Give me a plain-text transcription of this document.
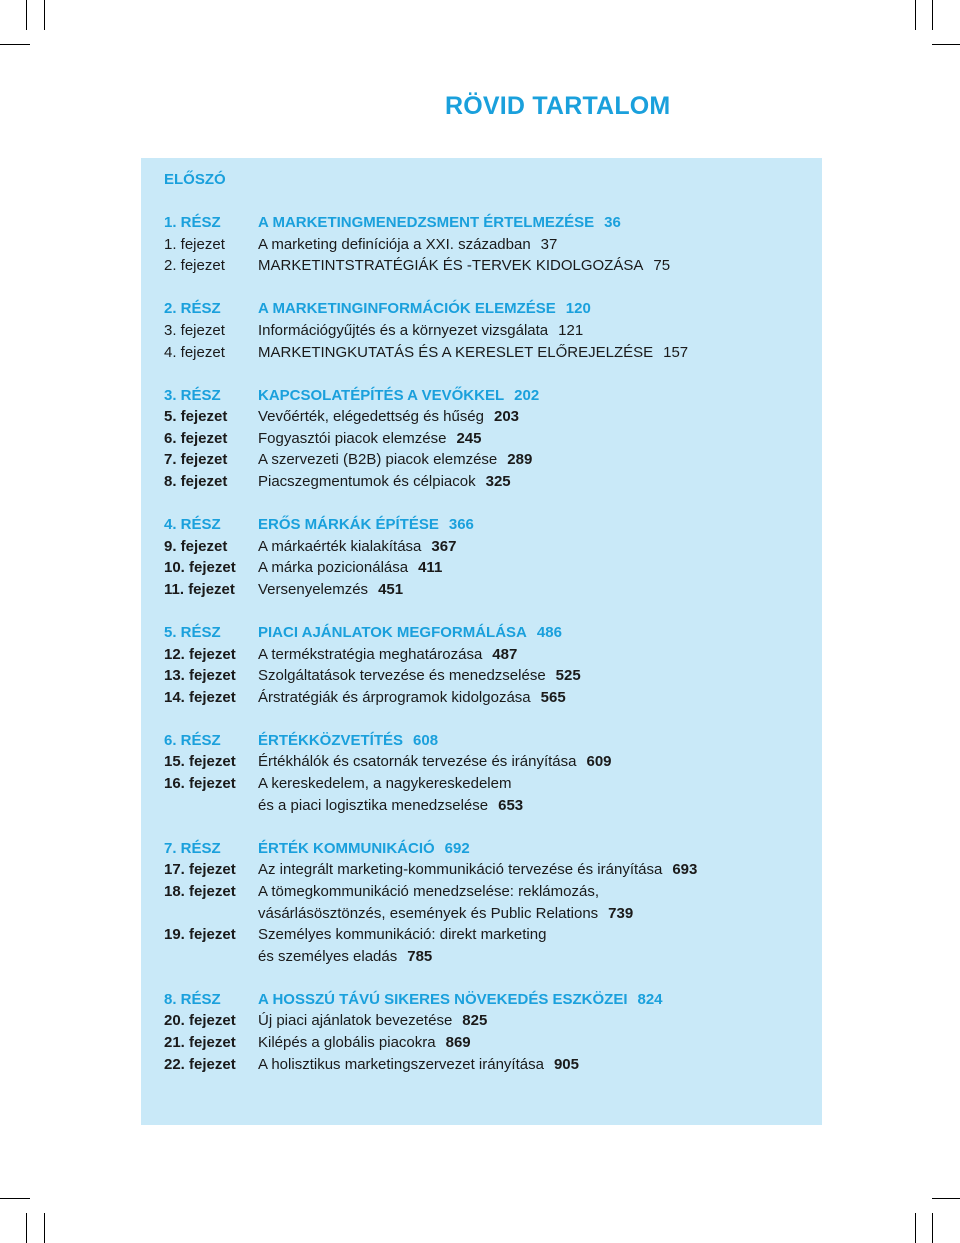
RÖVID TARTALOM
ELŐSZÓ
1. RÉSZ	A MARKETINGMENEDZSMENT ÉRTELMEZÉSE 36
1. fejezet	A marketing definíciója a XXI. században 37
2. fejezet	MARKETINTSTRATÉGIÁK ÉS -TERVEK KIDOLGOZÁSA 75
2. RÉSZ	A MARKETINGINFORMÁCIÓK ELEMZÉSE 120
3. fejezet	Információgyűjtés és a környezet vizsgálata 121
4. fejezet	MARKETINGKUTATÁS ÉS A KERESLET ELŐREJELZÉSE 157
3. RÉSZ	KAPCSOLATÉPÍTÉS A VEVŐKKEL 202
5. fejezet	Vevőérték, elégedettség és hűség 203
6. fejezet	Fogyasztói piacok elemzése 245
7. fejezet	A szervezeti (B2B) piacok elemzése 289
8. fejezet	Piacszegmentumok és célpiacok 325
4. RÉSZ	ERŐS MÁRKÁK ÉPÍTÉSE 366
9. fejezet	A márkaérték kialakítása 367
10. fejezet	A márka pozicionálása 411
11. fejezet	Versenyelemzés 451
5. RÉSZ	PIACI AJÁNLATOK MEGFORMÁLÁSA 486
12. fejezet	A termékstratégia meghatározása 487
13. fejezet	Szolgáltatások tervezése és menedzselése 525
14. fejezet	Árstratégiák és árprogramok kidolgozása 565
6. RÉSZ	ÉRTÉKKÖZVETÍTÉS 608
15. fejezet	Értékhálók és csatornák tervezése és irányítása 609
16. fejezet	A kereskedelem, a nagykereskedelem
és a piaci logisztika menedzselése 653
7. RÉSZ	ÉRTÉK KOMMUNIKÁCIÓ 692
17. fejezet	Az integrált marketing-kommunikáció tervezése és irányítása 693
18. fejezet	A tömegkommunikáció menedzselése: reklámozás,
vásárlásösztönzés, események és Public Relations 739
19. fejezet	Személyes kommunikáció: direkt marketing
és személyes eladás 785
8. RÉSZ	A HOSSZÚ TÁVÚ SIKERES NÖVEKEDÉS ESZKÖZEI 824
20. fejezet	Új piaci ajánlatok bevezetése 825
21. fejezet	Kilépés a globális piacokra 869
22. fejezet	A holisztikus marketingszervezet irányítása 905
